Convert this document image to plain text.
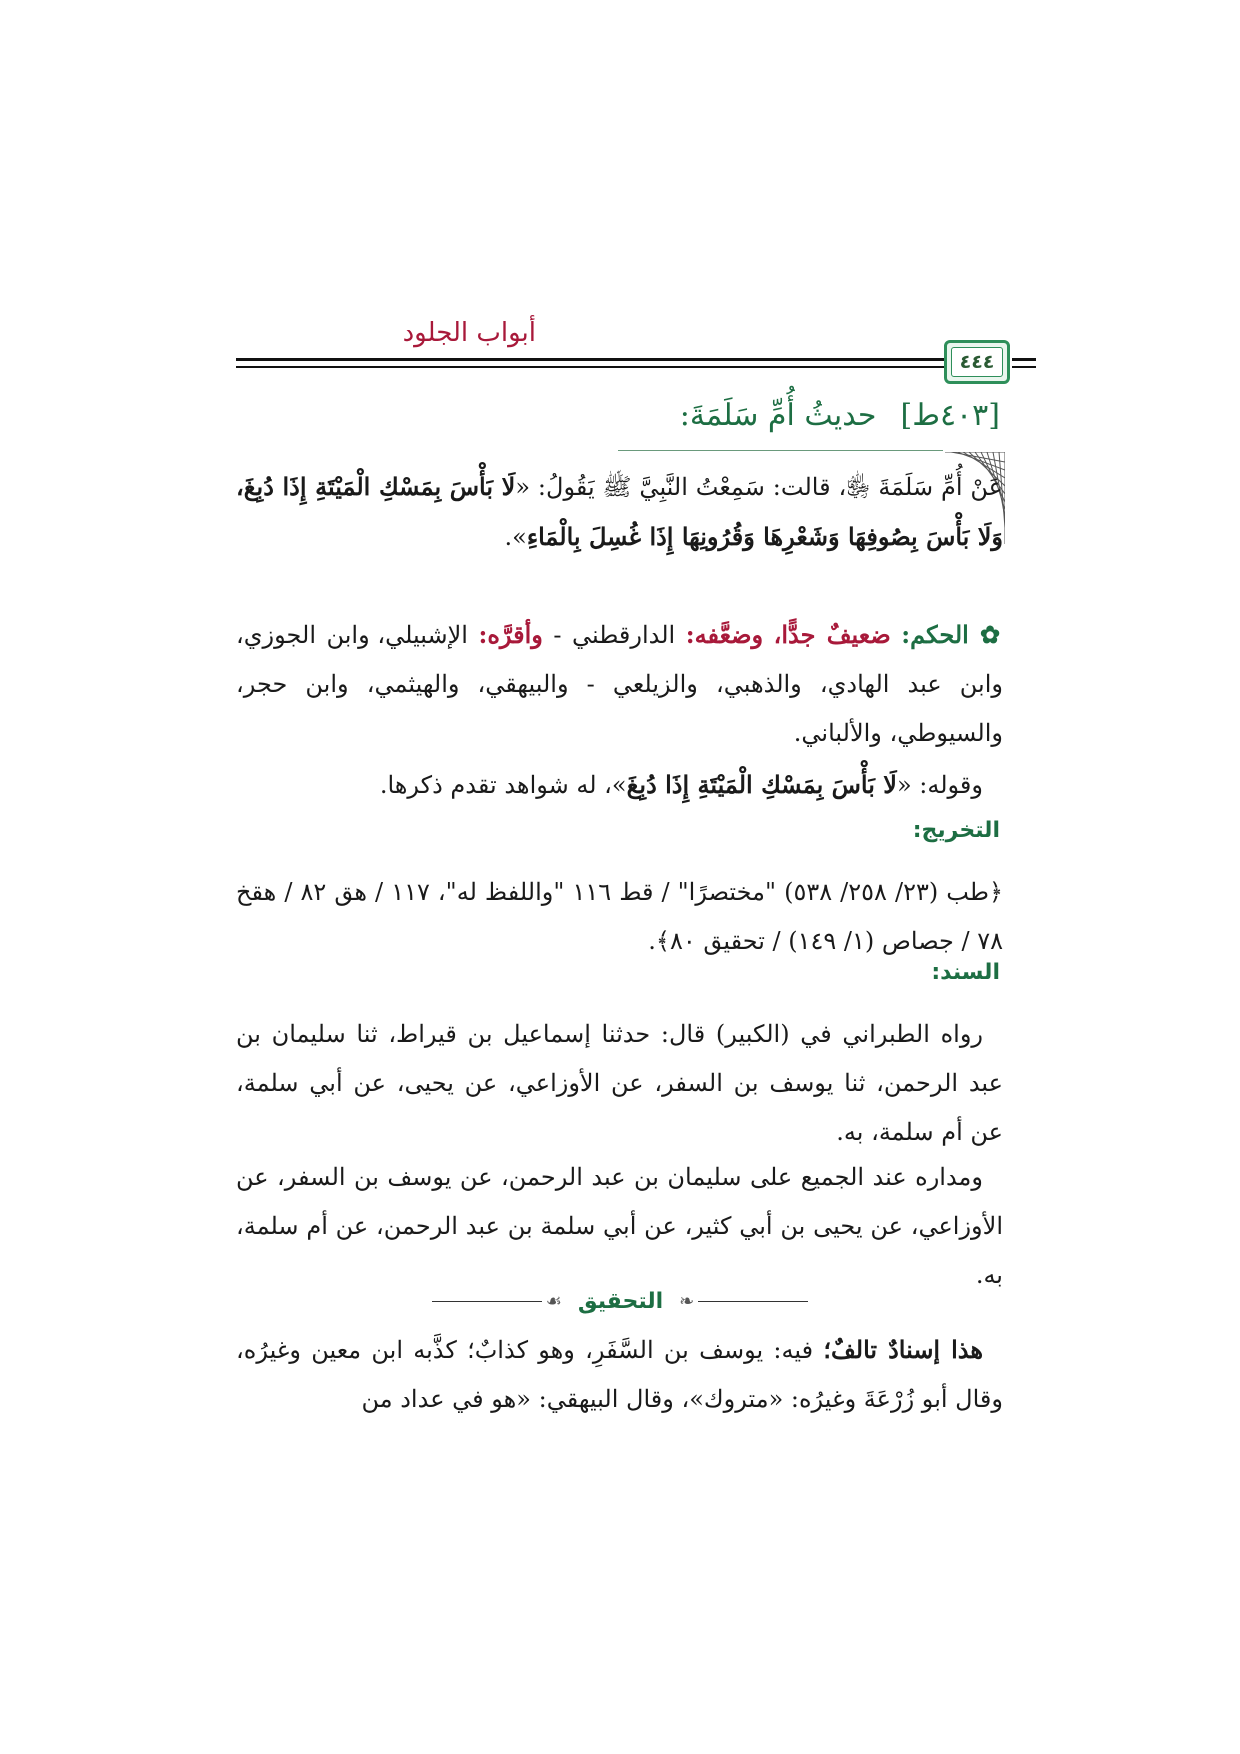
أبواب الجلود
٤٤٤
[٤٠٣ط]حديثُ أُمِّ سَلَمَةَ:

عَنْ أُمِّ سَلَمَةَ ﵂، قالت: سَمِعْتُ النَّبِيَّ ﷺ يَقُولُ: «لَا بَأْسَ بِمَسْكِ الْمَيْتَةِ إِذَا دُبِغَ، وَلَا بَأْسَ بِصُوفِهَا وَشَعْرِهَا وَقُرُونِهَا إِذَا غُسِلَ بِالْمَاءِ».

✿ الحكم: ضعيفٌ جدًّا، وضعَّفه: الدارقطني - وأقرَّه: الإشبيلي، وابن الجوزي، وابن عبد الهادي، والذهبي، والزيلعي - والبيهقي، والهيثمي، وابن حجر، والسيوطي، والألباني.

وقوله: «لَا بَأْسَ بِمَسْكِ الْمَيْتَةِ إِذَا دُبِغَ»، له شواهد تقدم ذكرها.

التخريج:

﴿طب (٢٣/ ٢٥٨/ ٥٣٨) "مختصرًا" / قط ١١٦ "واللفظ له"، ١١٧ / هق ٨٢ / هقخ ٧٨ / جصاص (١/ ١٤٩) / تحقيق ٨٠﴾.

السند:

رواه الطبراني في (الكبير) قال: حدثنا إسماعيل بن قيراط، ثنا سليمان بن عبد الرحمن، ثنا يوسف بن السفر، عن الأوزاعي، عن يحيى، عن أبي سلمة، عن أم سلمة، به.

ومداره عند الجميع على سليمان بن عبد الرحمن، عن يوسف بن السفر، عن الأوزاعي، عن يحيى بن أبي كثير، عن أبي سلمة بن عبد الرحمن، عن أم سلمة، به.

❧
التحقيق
☙

هذا إسنادٌ تالفٌ؛ فيه: يوسف بن السَّفَرِ، وهو كذابٌ؛ كذَّبه ابن معين وغيرُه، وقال أبو زُرْعَةَ وغيرُه: «متروك»، وقال البيهقي: «هو في عداد من
